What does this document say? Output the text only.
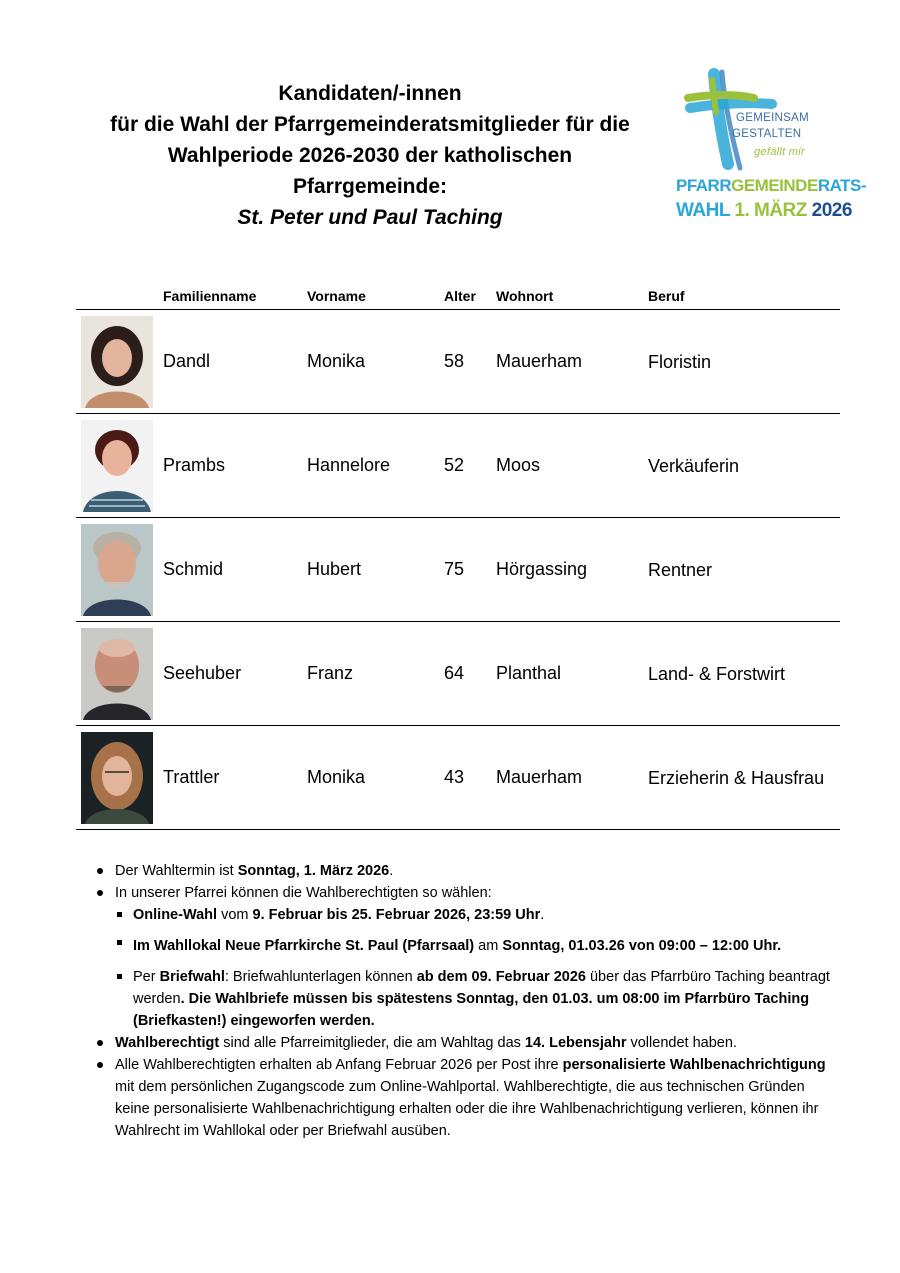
Kandidaten/-innen
für die Wahl der Pfarrgemeinderatsmitglieder für die
Wahlperiode 2026-2030 der katholischen
Pfarrgemeinde:
St. Peter und Paul Taching
GEMEINSAM
GESTALTEN
gefällt mir
PFARRGEMEINDERATS-
WAHL 1. MÄRZ 2026
Familienname	Vorname	Alter Wohnort	Beruf
Dandl	Monika	58 Mauerham	Floristin
Prambs	Hannelore	52 Moos	Verkäuferin
Schmid	Hubert	75 Hörgassing	Rentner
Seehuber	Franz	64 Planthal	Land- & Forstwirt
Trattler	Monika	43 Mauerham	Erzieherin & Hausfrau
Der Wahltermin ist Sonntag, 1. März 2026.
In unserer Pfarrei können die Wahlberechtigten so wählen:
Online-Wahl vom 9. Februar bis 25. Februar 2026, 23:59 Uhr.
Im Wahllokal Neue Pfarrkirche St. Paul (Pfarrsaal) am Sonntag, 01.03.26 von 09:00 – 12:00 Uhr.
Per Briefwahl: Briefwahlunterlagen können ab dem 09. Februar 2026 über das Pfarrbüro Taching beantragt werden. Die Wahlbriefe müssen bis spätestens Sonntag, den 01.03. um 08:00 im Pfarrbüro Taching (Briefkasten!) eingeworfen werden.
Wahlberechtigt sind alle Pfarreimitglieder, die am Wahltag das 14. Lebensjahr vollendet haben.
Alle Wahlberechtigten erhalten ab Anfang Februar 2026 per Post ihre personalisierte Wahlbenachrichtigung mit dem persönlichen Zugangscode zum Online-Wahlportal. Wahlberechtigte, die aus technischen Gründen keine personalisierte Wahlbenachrichtigung erhalten oder die ihre Wahlbenachrichtigung verlieren, können ihr Wahlrecht im Wahllokal oder per Briefwahl ausüben.
